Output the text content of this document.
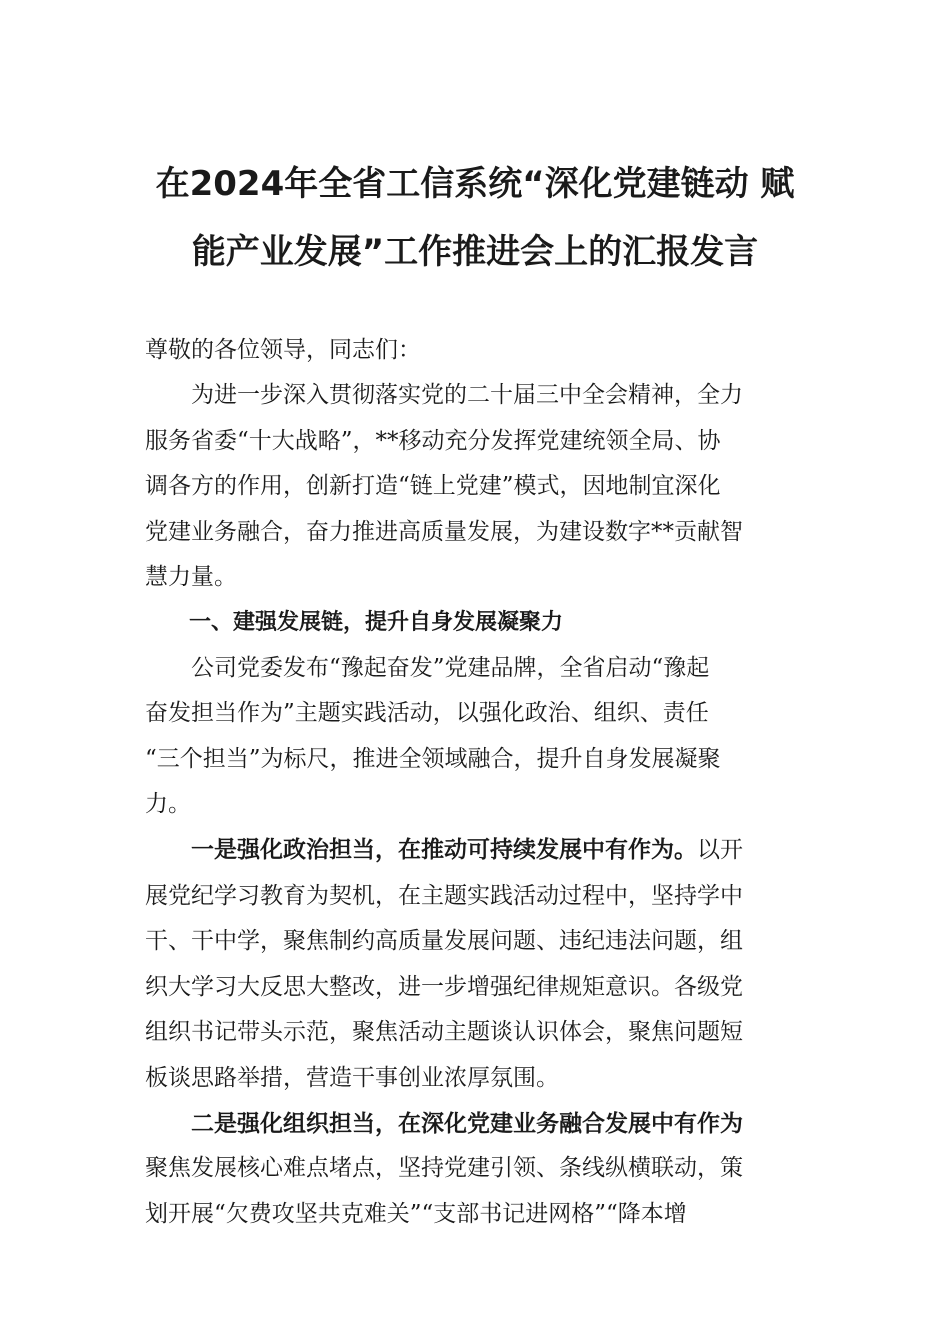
在2024年全省工信系统“深化党建链动 赋
能产业发展”工作推进会上的汇报发言

尊敬的各位领导，同志们：

为进一步深入贯彻落实党的二十届三中全会精神，全力
服务省委“十大战略”，**移动充分发挥党建统领全局、协
调各方的作用，创新打造“链上党建”模式，因地制宜深化
党建业务融合，奋力推进高质量发展，为建设数字**贡献智
慧力量。

一、建强发展链，提升自身发展凝聚力

公司党委发布“豫起奋发”党建品牌，全省启动“豫起
奋发担当作为”主题实践活动，以强化政治、组织、责任
“三个担当”为标尺，推进全领域融合，提升自身发展凝聚
力。

一是强化政治担当，在推动可持续发展中有作为。以开
展党纪学习教育为契机，在主题实践活动过程中，坚持学中
干、干中学，聚焦制约高质量发展问题、违纪违法问题，组
织大学习大反思大整改，进一步增强纪律规矩意识。各级党
组织书记带头示范，聚焦活动主题谈认识体会，聚焦问题短
板谈思路举措，营造干事创业浓厚氛围。

二是强化组织担当，在深化党建业务融合发展中有作为
聚焦发展核心难点堵点，坚持党建引领、条线纵横联动，策
划开展“欠费攻坚共克难关”“支部书记进网格”“降本增
